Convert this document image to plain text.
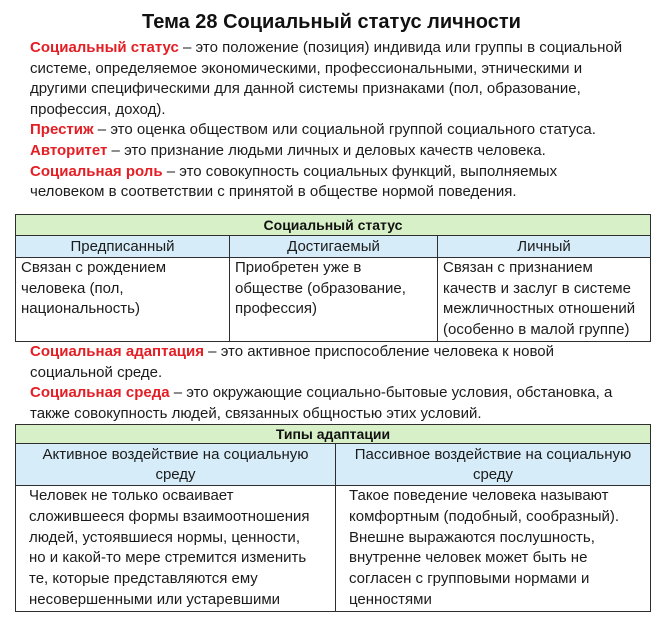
Тема 28 Социальный статус личности
Социальный статус – это положение (позиция) индивида или группы в социальной
системе, определяемое экономическими, профессиональными, этническими и
другими специфическими для данной системы признаками (пол, образование,
профессия, доход).
Престиж – это оценка обществом или социальной группой социального статуса.
Авторитет – это признание людьми личных и деловых качеств человека.
Социальная роль – это совокупность социальных функций, выполняемых
человеком в соответствии с принятой в обществе нормой поведения.
Социальный статус
Предписанный	Достигаемый	Личный
Связан с рождением
человека (пол,
национальность)
Приобретен уже в
обществе (образование,
профессия)
Связан с признанием
качеств и заслуг в системе
межличностных отношений
(особенно в малой группе)
Социальная адаптация – это активное приспособление человека к новой
социальной среде.
Социальная среда – это окружающие социально-бытовые условия, обстановка, а
также совокупность людей, связанных общностью этих условий.
Типы адаптации
Активное воздействие на социальную
среду
Пассивное воздействие на социальную
среду
Человек не только осваивает
сложившееся формы взаимоотношения
людей, устоявшиеся нормы, ценности,
но и какой-то мере стремится изменить
те, которые представляются ему
несовершенными или устаревшими
Такое поведение человека называют
комфортным (подобный, сообразный).
Внешне выражаются послушность,
внутренне человек может быть не
согласен с групповыми нормами и
ценностями
